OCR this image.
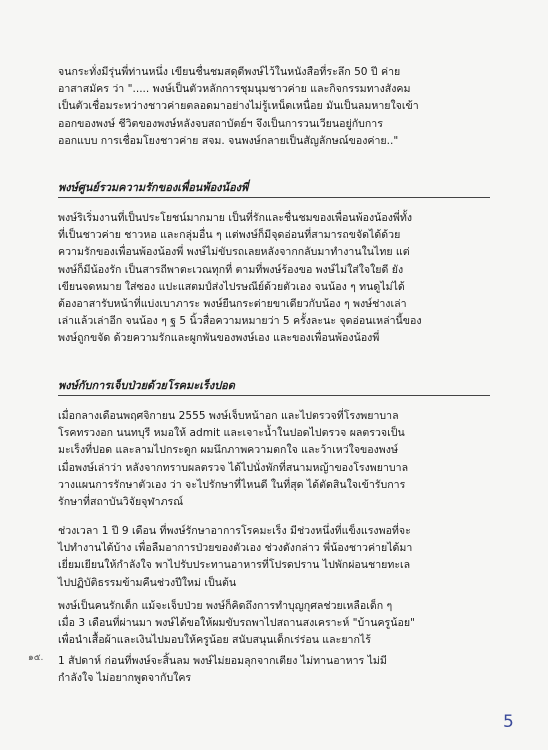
จนกระทั่งมีรุ่นพี่ท่านหนึ่ง เขียนชื่นชมสดุดีพงษ์ไว้ในหนังสือที่ระลึก 50 ปี ค่าย
อาสาสมัคร ว่า "..... พงษ์เป็นตัวหลักการชุมนุมชาวค่าย และกิจกรรมทางสังคม
เป็นตัวเชื่อมระหว่างชาวค่ายตลอดมาอย่างไม่รู้เหน็ดเหนื่อย มันเป็นลมหายใจเข้า
ออกของพงษ์ ชีวิตของพงษ์หลังจบสถาบัตย์ฯ จึงเป็นการวนเวียนอยู่กับการ
ออกแบบ การเชื่อมโยงชาวค่าย สจม. จนพงษ์กลายเป็นสัญลักษณ์ของค่าย.."
พงษ์ศูนย์รวมความรักของเพื่อนพ้องน้องพี่
พงษ์ริเริ่มงานที่เป็นประโยชน์มากมาย เป็นที่รักและชื่นชมของเพื่อนพ้องน้องพี่ทั้ง
ที่เป็นชาวค่าย ชาวหอ และกลุ่มอื่น ๆ แต่พงษ์ก็มีจุดอ่อนที่สามารถขจัดได้ด้วย
ความรักของเพื่อนพ้องน้องพี่ พงษ์ไม่ขับรถเลยหลังจากกลับมาทำงานในไทย แต่
พงษ์ก็มีน้องรัก เป็นสารถีพาตะเวณทุกที่ ตามที่พงษ์ร้องขอ พงษ์ไม่ใส่ใจใยดี ยัง
เขียนจดหมาย ใส่ซอง แปะแสตมป์ส่งไปรษณีย์ด้วยตัวเอง จนน้อง ๆ ทนดูไม่ได้
ต้องอาสารับหน้าที่แบ่งเบาภาระ พงษ์ยืนกระต่ายขาเดียวกับน้อง ๆ พงษ์ช่างเล่า
เล่าแล้วเล่าอีก จนน้อง ๆ ฐ 5 นิ้วสื่อความหมายว่า 5 ครั้งละนะ จุดอ่อนเหล่านี้ของ
พงษ์ถูกขจัด ด้วยความรักและผูกพันของพงษ์เอง และของเพื่อนพ้องน้องพี่
พงษ์กับการเจ็บป่วยด้วยโรคมะเร็งปอด
เมื่อกลางเดือนพฤศจิกายน 2555 พงษ์เจ็บหน้าอก และไปตรวจที่โรงพยาบาล
โรคทรวงอก นนทบุรี หมอให้ admit และเจาะน้ำในปอดไปตรวจ ผลตรวจเป็น
มะเร็งที่ปอด และลามไปกระดูก ผมนึกภาพความตกใจ และว้าเหว่ใจของพงษ์
เมื่อพงษ์เล่าว่า หลังจากทราบผลตรวจ ได้ไปนั่งพักที่สนามหญ้าของโรงพยาบาล
วางแผนการรักษาตัวเอง ว่า จะไปรักษาที่ไหนดี ในที่สุด ได้ตัดสินใจเข้ารับการ
รักษาที่สถาบันวิจัยจุฬาภรณ์
ช่วงเวลา 1 ปี 9 เดือน ที่พงษ์รักษาอาการโรคมะเร็ง มีช่วงหนึ่งที่แข็งแรงพอที่จะ
ไปทำงานได้บ้าง เพื่อลืมอาการป่วยของตัวเอง ช่วงดังกล่าว พี่น้องชาวค่ายได้มา
เยี่ยมเยียนให้กำลังใจ พาไปรับประทานอาหารที่โปรดปราน ไปพักผ่อนชายทะเล
ไปปฏิบัติธรรมข้ามคืนช่วงปีใหม่ เป็นต้น
พงษ์เป็นคนรักเด็ก แม้จะเจ็บป่วย พงษ์ก็คิดถึงการทำบุญกุศลช่วยเหลือเด็ก ๆ
เมื่อ 3 เดือนที่ผ่านมา พงษ์ได้ขอให้ผมขับรถพาไปสถานสงเคราะห์ "บ้านครูน้อย"
เพื่อนำเสื้อผ้าและเงินไปมอบให้ครูน้อย สนับสนุนเด็กเร่ร่อน และยากไร้
๑๕. 1 สัปดาห์ ก่อนที่พงษ์จะสิ้นลม พงษ์ไม่ยอมลุกจากเตียง ไม่ทานอาหาร ไม่มี
กำลังใจ ไม่อยากพูดจากับใคร
5
